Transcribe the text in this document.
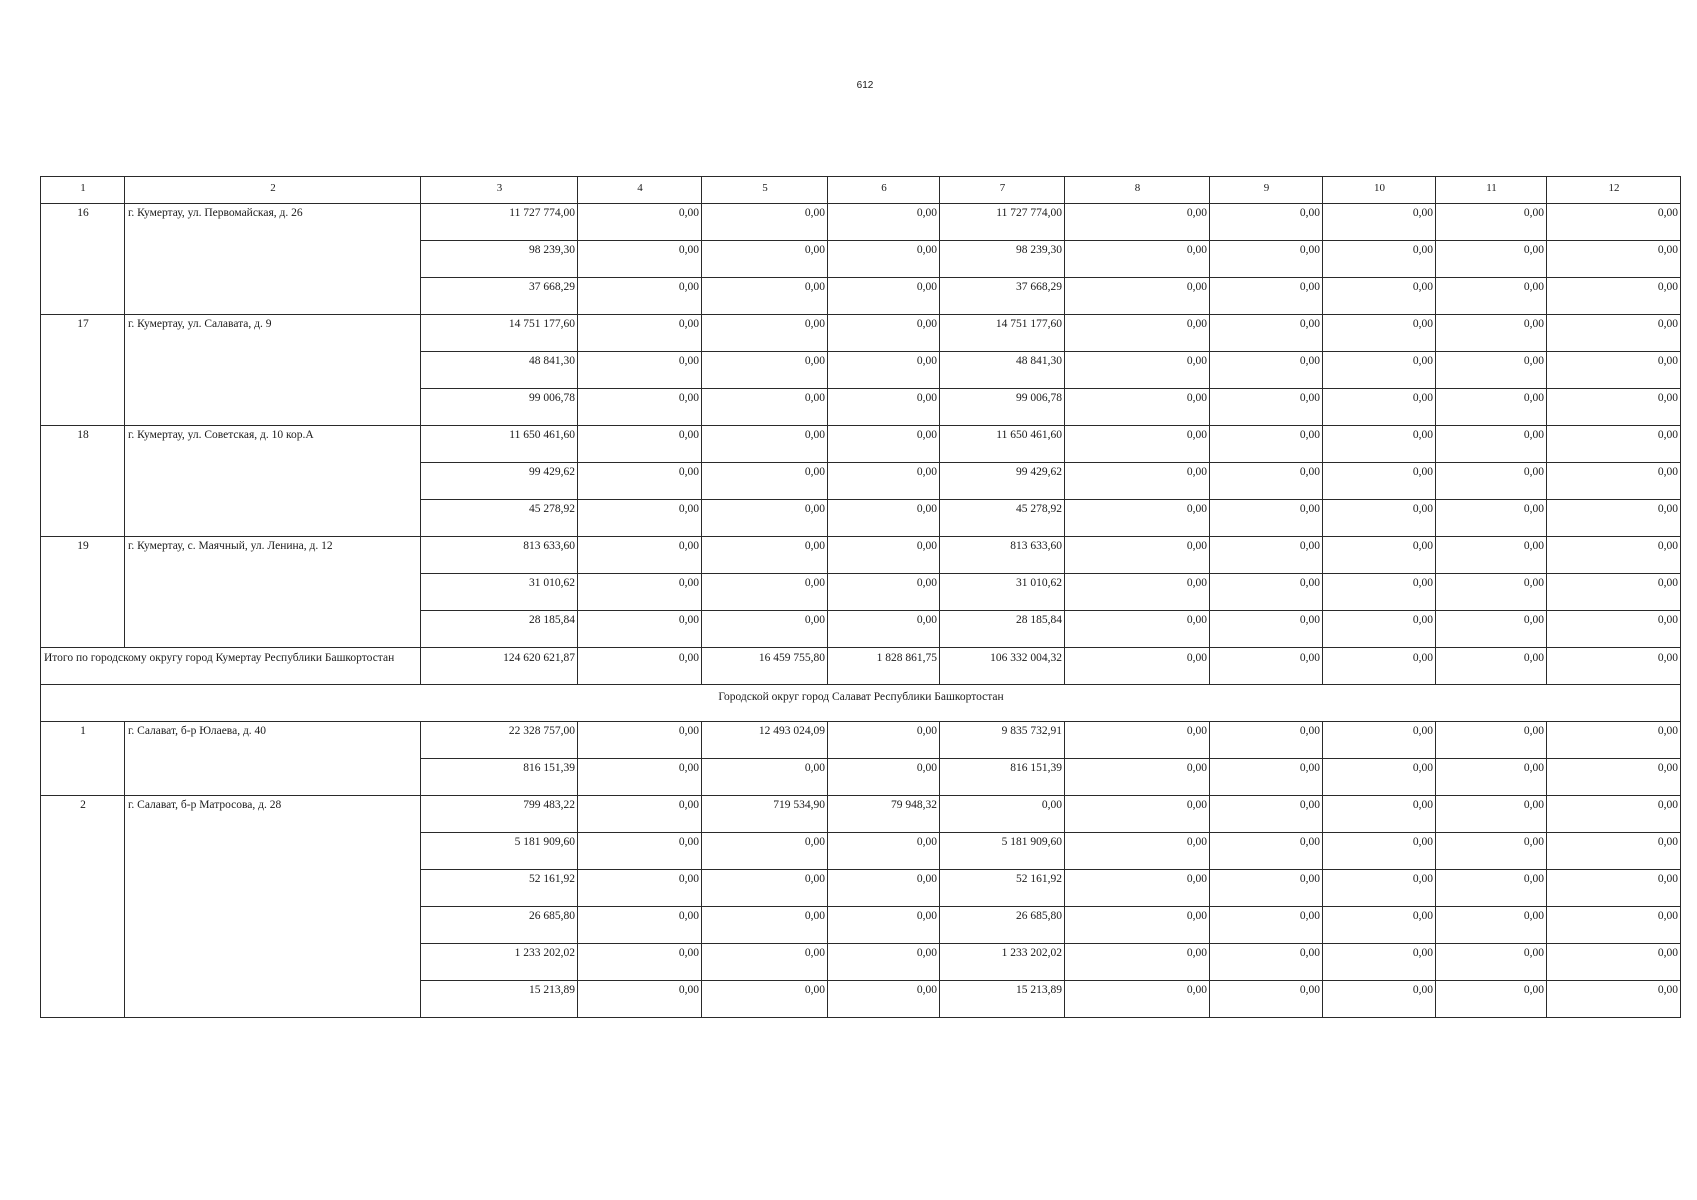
612
1	2	3	4	5	6	7	8	9	10	11	12
16	г. Кумертау, ул. Первомайская, д. 26	11 727 774,00	0,00	0,00	0,00	11 727 774,00	0,00	0,00	0,00	0,00	0,00
		98 239,30	0,00	0,00	0,00	98 239,30	0,00	0,00	0,00	0,00	0,00
		37 668,29	0,00	0,00	0,00	37 668,29	0,00	0,00	0,00	0,00	0,00
17	г. Кумертау, ул. Салавата, д. 9	14 751 177,60	0,00	0,00	0,00	14 751 177,60	0,00	0,00	0,00	0,00	0,00
		48 841,30	0,00	0,00	0,00	48 841,30	0,00	0,00	0,00	0,00	0,00
		99 006,78	0,00	0,00	0,00	99 006,78	0,00	0,00	0,00	0,00	0,00
18	г. Кумертау, ул. Советская, д. 10 кор.А	11 650 461,60	0,00	0,00	0,00	11 650 461,60	0,00	0,00	0,00	0,00	0,00
		99 429,62	0,00	0,00	0,00	99 429,62	0,00	0,00	0,00	0,00	0,00
		45 278,92	0,00	0,00	0,00	45 278,92	0,00	0,00	0,00	0,00	0,00
19	г. Кумертау, с. Маячный, ул. Ленина, д. 12	813 633,60	0,00	0,00	0,00	813 633,60	0,00	0,00	0,00	0,00	0,00
		31 010,62	0,00	0,00	0,00	31 010,62	0,00	0,00	0,00	0,00	0,00
		28 185,84	0,00	0,00	0,00	28 185,84	0,00	0,00	0,00	0,00	0,00
Итого по городскому округу город Кумертау Республики Башкортостан		124 620 621,87	0,00	16 459 755,80	1 828 861,75	106 332 004,32	0,00	0,00	0,00	0,00	0,00
Городской округ город Салават Республики Башкортостан											
1	г. Салават, б-р Юлаева, д. 40	22 328 757,00	0,00	12 493 024,09	0,00	9 835 732,91	0,00	0,00	0,00	0,00	0,00
		816 151,39	0,00	0,00	0,00	816 151,39	0,00	0,00	0,00	0,00	0,00
2	г. Салават, б-р Матросова, д. 28	799 483,22	0,00	719 534,90	79 948,32	0,00	0,00	0,00	0,00	0,00	0,00
		5 181 909,60	0,00	0,00	0,00	5 181 909,60	0,00	0,00	0,00	0,00	0,00
		52 161,92	0,00	0,00	0,00	52 161,92	0,00	0,00	0,00	0,00	0,00
		26 685,80	0,00	0,00	0,00	26 685,80	0,00	0,00	0,00	0,00	0,00
		1 233 202,02	0,00	0,00	0,00	1 233 202,02	0,00	0,00	0,00	0,00	0,00
		15 213,89	0,00	0,00	0,00	15 213,89	0,00	0,00	0,00	0,00	0,00
